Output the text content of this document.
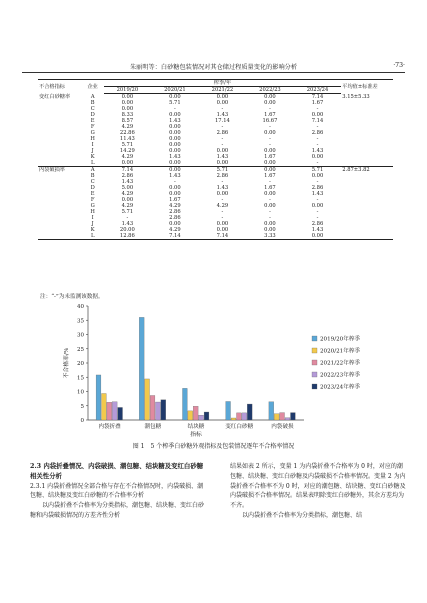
朱丽明等：白砂糖包装情况对其仓储过程质量变化的影响分析	·73·
不合格指标	企业	榨季/年					平均值±标准差
		2019/20	2020/21	2021/22	2022/23	2023/24	
变红白砂糖率	A	0.00	0.00	0.00	0.00	7.14	3.15±5.33
	B	0.00	5.71	0.00	0.00	1.67	
	C	0.00	-	-	-	-	
	D	8.33	0.00	1.43	1.67	0.00	
	E	8.57	1.43	17.14	16.67	7.14	
	F	4.29	0.00	-	-	-	
	G	22.86	0.00	2.86	0.00	2.86	
	H	11.43	0.00	-	-	-	
	I	5.71	0.00	-	-	-	
	J	14.29	0.00	0.00	0.00	1.43	
	K	4.29	1.43	1.43	1.67	0.00	
	L	0.00	0.00	0.00	0.00	-	
内袋破损率	A	7.14	0.00	5.71	0.00	5.71	2.87±3.82
	B	2.86	1.43	2.86	1.67	0.00	
	C	1.43	-	-	-	-	
	D	5.00	0.00	1.43	1.67	2.86	
	E	4.29	0.00	0.00	0.00	1.43	
	F	0.00	1.67	-	-	-	
	G	4.29	4.29	4.29	0.00	0.00	
	H	5.71	2.86	-	-	-	
	I	-	2.86	-	-	-	
	J	1.43	0.00	0.00	0.00	2.86	
	K	20.00	4.29	0.00	0.00	1.43	
	L	12.86	7.14	7.14	3.33	0.00	
注：“-”为未监测该数据。
0
5
10
15
20
25
30
35
40
不合格率/%
指标
内袋折叠	潮包糖	结块糖	变红白砂糖	内袋破损
2019/20年榨季
2020/21年榨季
2021/22年榨季
2022/23年榨季
2023/24年榨季
图 1　5 个榨季白砂糖外观指标及包装情况逐年不合格率情况

2.3 内袋折叠情况、内袋破损、潮包糖、结块糖及变红白砂糖相关性分析

2.3.1 内袋折叠情况全部合格与存在不合格情况时，内袋破损、潮包糖、结块糖及变红白砂糖的不合格率分析

以内袋折叠不合格率为分类指标，潮包糖、结块糖、变红白砂糖和内袋破损情况的方差齐性分析

结果如表 2 所示，变量 1 为内袋折叠不合格率为 0 时，对应的潮包糖、结块糖、变红白砂糖及内袋破损不合格率情况。变量 2 为内袋折叠不合格率不为 0 时，对应的潮包糖、结块糖、变红白砂糖及内袋破损不合格率情况。结果表明除变红白砂糖外，其余方差均为不齐。

以内袋折叠不合格率为分类指标，潮包糖、结
